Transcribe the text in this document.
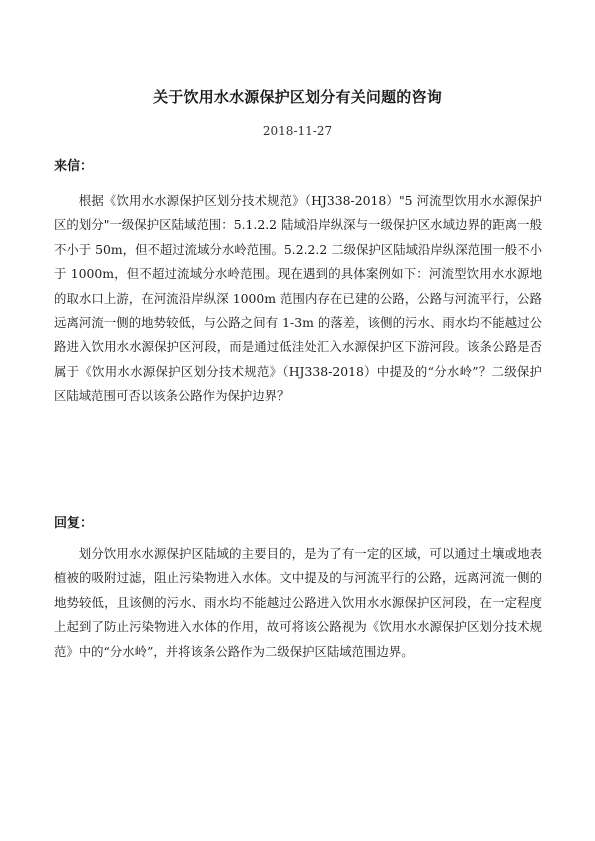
关于饮用水水源保护区划分有关问题的咨询
2018-11-27
来信：
根据《饮用水水源保护区划分技术规范》（HJ338-2018）"5 河流型饮用水水源保护区的划分"一级保护区陆域范围：5.1.2.2 陆域沿岸纵深与一级保护区水域边界的距离一般不小于 50m，但不超过流域分水岭范围。5.2.2.2 二级保护区陆域沿岸纵深范围一般不小于 1000m，但不超过流域分水岭范围。现在遇到的具体案例如下：河流型饮用水水源地的取水口上游，在河流沿岸纵深 1000m 范围内存在已建的公路，公路与河流平行，公路远离河流一侧的地势较低，与公路之间有 1-3m 的落差，该侧的污水、雨水均不能越过公路进入饮用水水源保护区河段，而是通过低洼处汇入水源保护区下游河段。该条公路是否属于《饮用水水源保护区划分技术规范》（HJ338-2018）中提及的“分水岭”？二级保护区陆域范围可否以该条公路作为保护边界？
回复：
划分饮用水水源保护区陆域的主要目的，是为了有一定的区域，可以通过土壤或地表植被的吸附过滤，阻止污染物进入水体。文中提及的与河流平行的公路，远离河流一侧的地势较低，且该侧的污水、雨水均不能越过公路进入饮用水水源保护区河段，在一定程度上起到了防止污染物进入水体的作用，故可将该公路视为《饮用水水源保护区划分技术规范》中的“分水岭”，并将该条公路作为二级保护区陆域范围边界。
